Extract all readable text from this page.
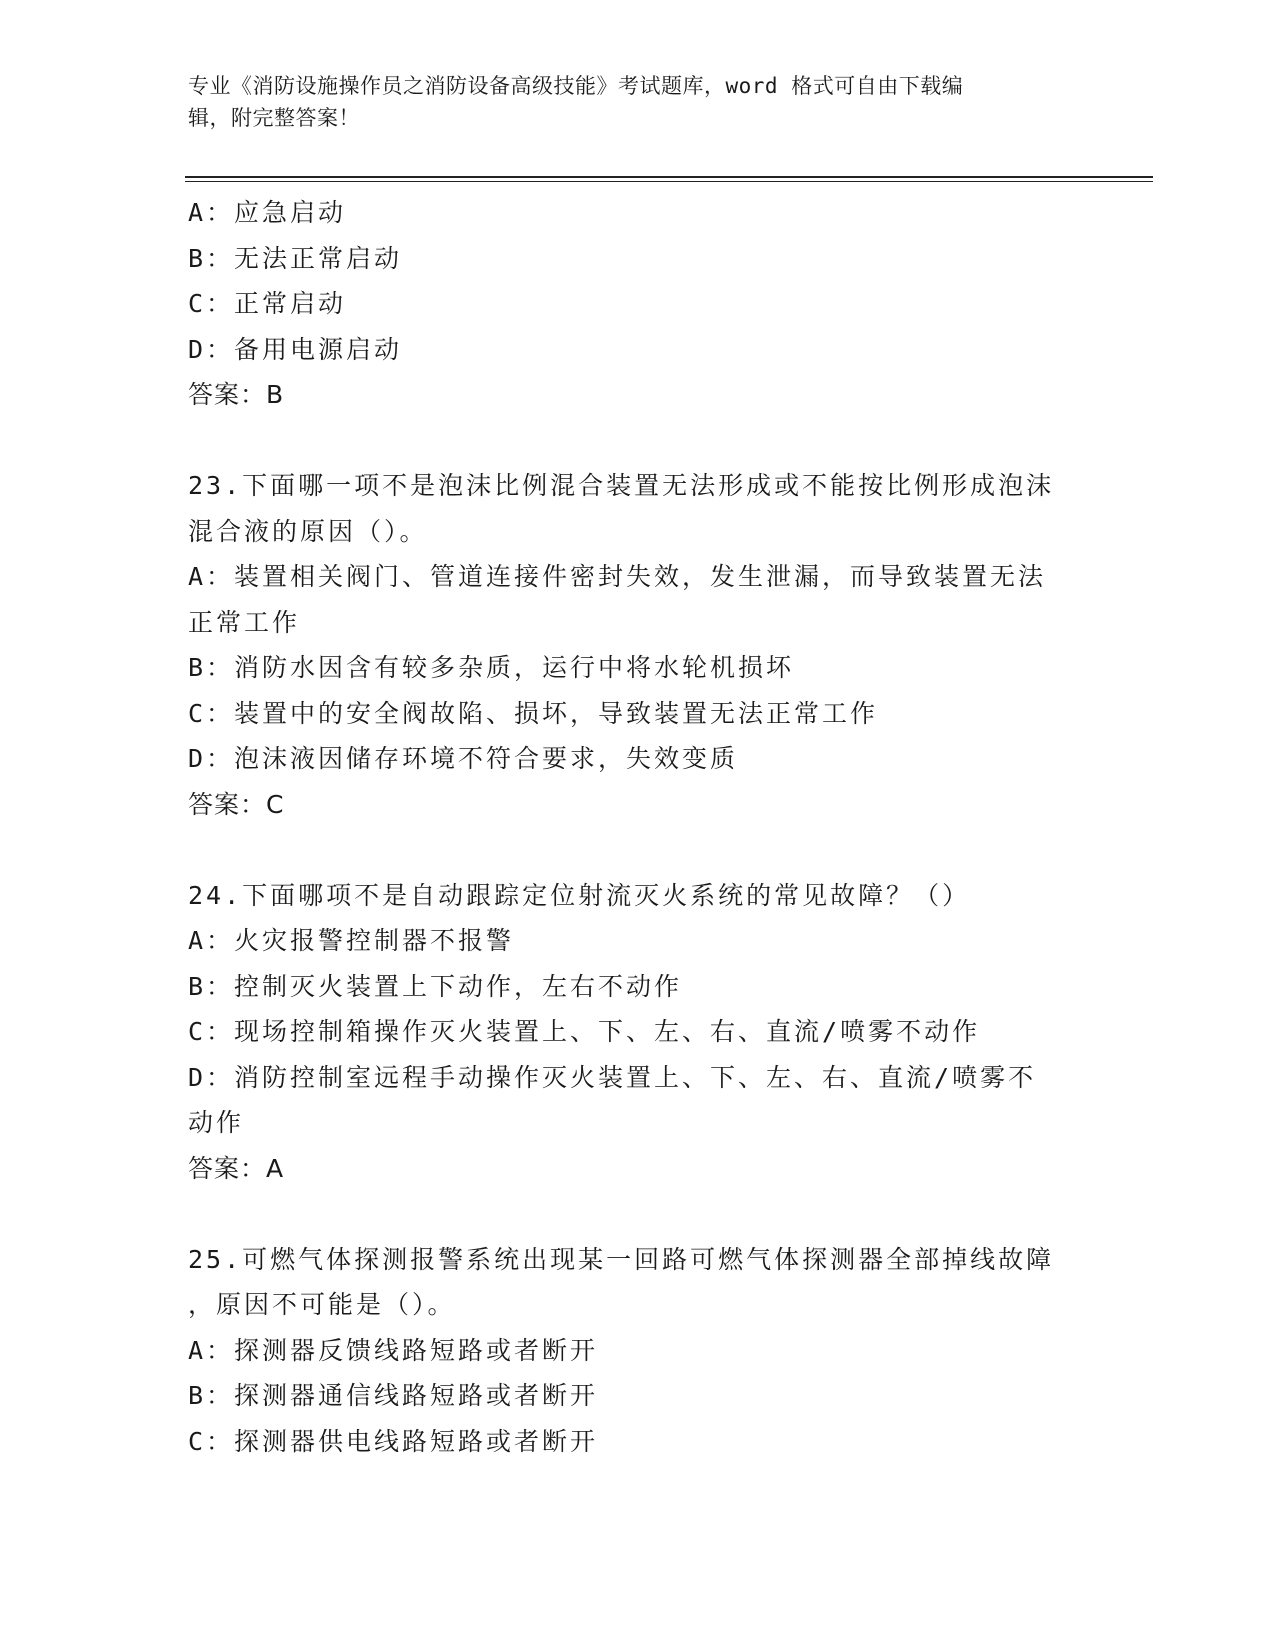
专业《消防设施操作员之消防设备高级技能》考试题库，word 格式可自由下载编
辑，附完整答案！
A：应急启动
B：无法正常启动
C：正常启动
D：备用电源启动
答案：B
23.下面哪一项不是泡沫比例混合装置无法形成或不能按比例形成泡沫
混合液的原因（）。
A：装置相关阀门、管道连接件密封失效，发生泄漏，而导致装置无法
正常工作
B：消防水因含有较多杂质，运行中将水轮机损坏
C：装置中的安全阀故陷、损坏，导致装置无法正常工作
D：泡沫液因储存环境不符合要求，失效变质
答案：C
24.下面哪项不是自动跟踪定位射流灭火系统的常见故障？（）
A：火灾报警控制器不报警
B：控制灭火装置上下动作，左右不动作
C：现场控制箱操作灭火装置上、下、左、右、直流/喷雾不动作
D：消防控制室远程手动操作灭火装置上、下、左、右、直流/喷雾不
动作
答案：A
25.可燃气体探测报警系统出现某一回路可燃气体探测器全部掉线故障
，原因不可能是（）。
A：探测器反馈线路短路或者断开
B：探测器通信线路短路或者断开
C：探测器供电线路短路或者断开
